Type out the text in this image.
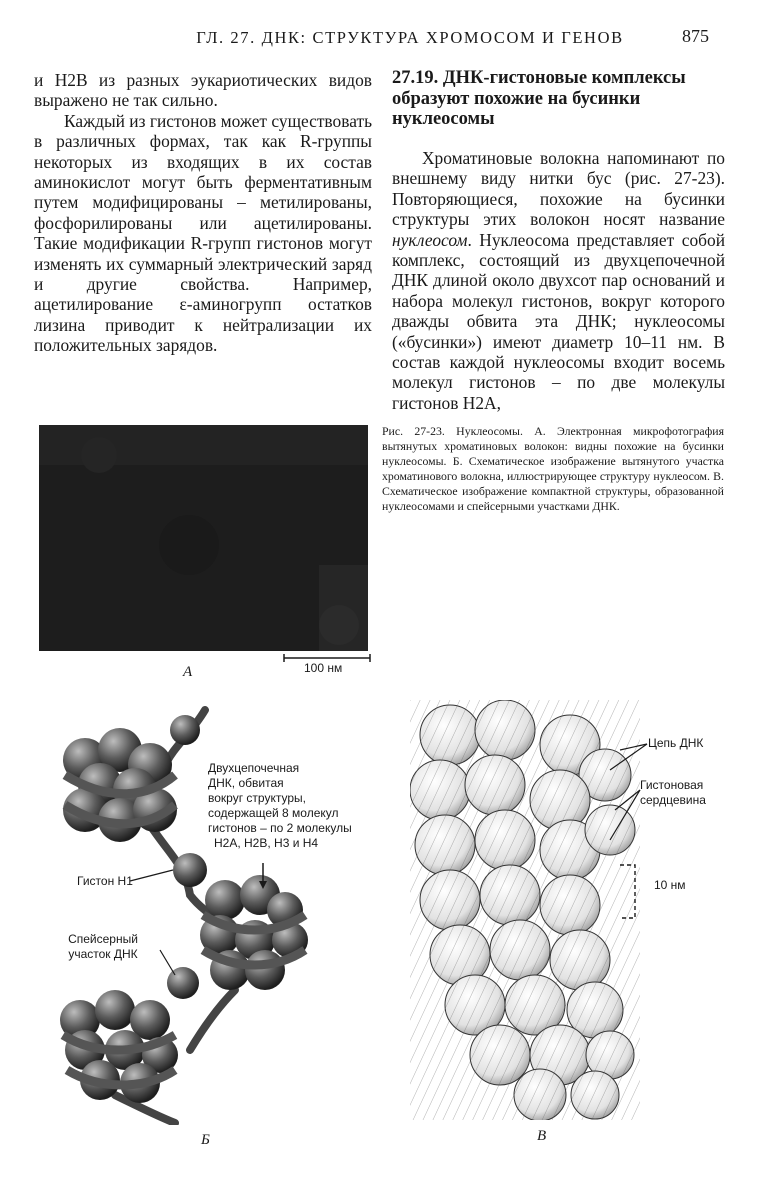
ГЛ. 27. ДНК: СТРУКТУРА ХРОМОСОМ И ГЕНОВ	875

и H2B из разных эукариотических видов выражено не так сильно.

Каждый из гистонов может существовать в различных формах, так как R-группы некоторых из входящих в их состав аминокислот могут быть ферментативным путем модифицированы – метилированы, фосфорилированы или ацетилированы. Такие модификации R-групп гистонов могут изменять их суммарный электрический заряд и другие свойства. Например, ацетилирование ε-аминогрупп остатков лизина приводит к нейтрализации их положительных зарядов.

27.19. ДНК-гистоновые комплексы образуют похожие на бусинки нуклеосомы
Хроматиновые волокна напоминают по внешнему виду нитки бус (рис. 27-23). Повторяющиеся, похожие на бусинки структуры этих волокон носят название нуклеосом. Нуклеосома представляет собой комплекс, состоящий из двухцепочечной ДНК длиной около двухсот пар оснований и набора молекул гистонов, вокруг которого дважды обвита эта ДНК; нуклеосомы («бусинки») имеют диаметр 10–11 нм. В состав каждой нуклеосомы входит восемь молекул гистонов – по две молекулы гистонов H2A,
Рис. 27-23. Нуклеосомы. А. Электронная микрофотография вытянутых хроматиновых волокон: видны похожие на бусинки нуклеосомы. Б. Схематическое изображение вытянутого участка хроматинового волокна, иллюстрирующее структуру нуклеосом. В. Схематическое изображение компактной структуры, образованной нуклеосомами и спейсерными участками ДНК.
100 нм
А
Двухцепочечная
ДНК, обвитая
вокруг структуры,
содержащей 8 молекул
гистонов – по 2 молекулы
H2A, H2B, H3 и H4
Гистон H1
Спейсерный
участок ДНК
Б
Цепь ДНК
Гистоновая
сердцевина
10 нм
В
